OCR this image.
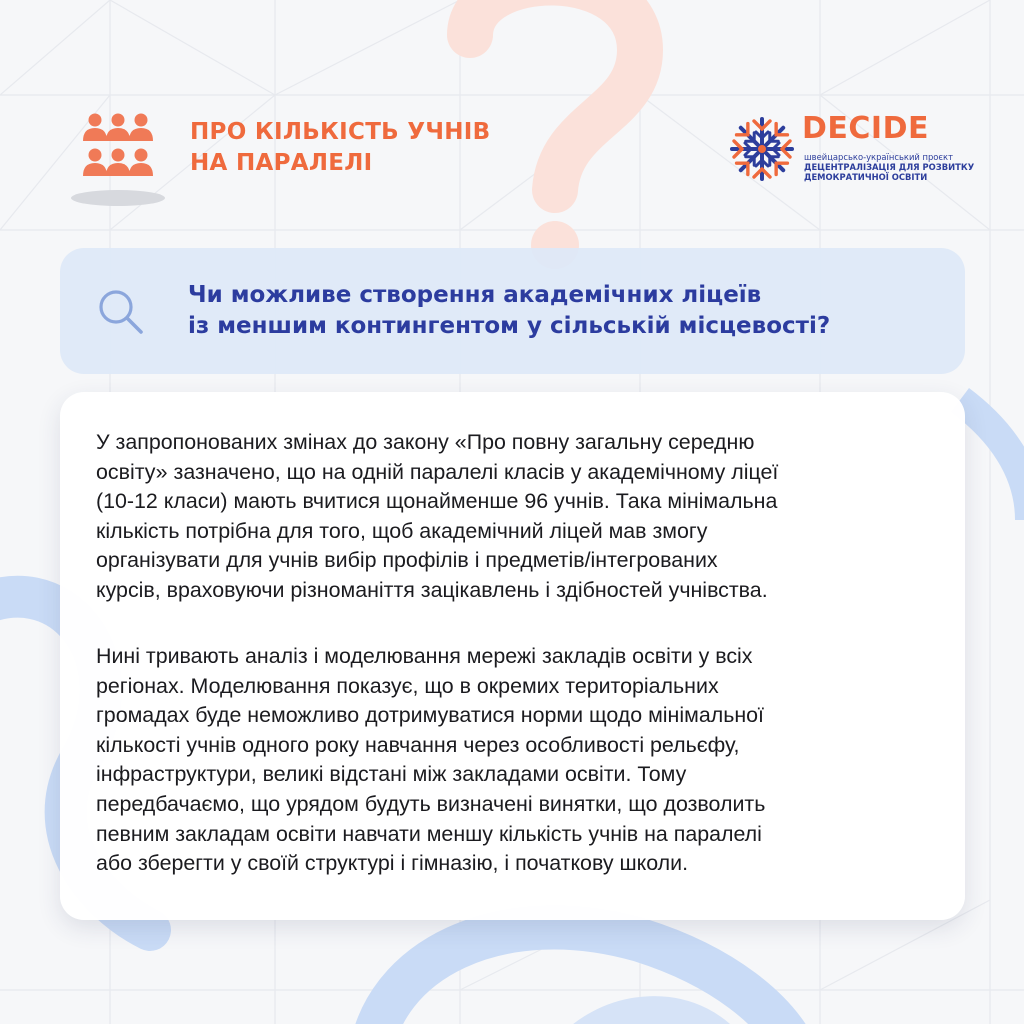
ПРО КІЛЬКІСТЬ УЧНІВ
НА ПАРАЛЕЛІ
DECIDE
швейцарсько-український проєкт
ДЕЦЕНТРАЛІЗАЦІЯ ДЛЯ РОЗВИТКУ
ДЕМОКРАТИЧНОЇ ОСВІТИ
Чи можливе створення академічних ліцеїв
із меншим контингентом у сільській місцевості?
У запропонованих змінах до закону «Про повну загальну середню
освіту» зазначено, що на одній паралелі класів у академічному ліцеї
(10-12 класи) мають вчитися щонайменше 96 учнів. Така мінімальна
кількість потрібна для того, щоб академічний ліцей мав змогу
організувати для учнів вибір профілів і предметів/інтегрованих
курсів, враховуючи різноманіття зацікавлень і здібностей учнівства.
Нині тривають аналіз і моделювання мережі закладів освіти у всіх
регіонах. Моделювання показує, що в окремих територіальних
громадах буде неможливо дотримуватися норми щодо мінімальної
кількості учнів одного року навчання через особливості рельєфу,
інфраструктури, великі відстані між закладами освіти. Тому
передбачаємо, що урядом будуть визначені винятки, що дозволить
певним закладам освіти навчати меншу кількість учнів на паралелі
або зберегти у своїй структурі і гімназію, і початкову школи.
